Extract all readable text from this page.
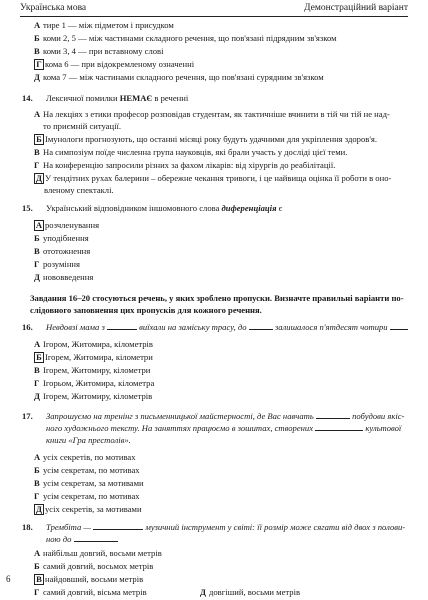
Українська мова	Демонстраційний варіант
А тире 1 — між підметом і присудком
Б коми 2, 5 — між частинами складного речення, що пов'язані підрядним зв'язком
В коми 3, 4 — при вставному слові
Г кома 6 — при відокремленому означенні
Д кома 7 — між частинами складного речення, що пов'язані сурядним зв'язком
14. Лексичної помилки НЕМАЄ в реченні
А На лекціях з етики професор розповідав студентам, як тактичніше вчинити в тій чи тій не над-
то приємній ситуації.
Б Імунологи прогнозують, що останні місяці року будуть удачними для укріплення здоров'я.
В На симпозіум поїде численна група науковців, які брали участь у досліді цієї теми.
Г На конференцію запросили різних за фахом лікарів: від хірургів до реабілітації.
Д У тендітних рухах балерини – обережне чекання тривоги, і це найвища оцінка її роботи в оно-
вленому спектаклі.
15. Український відповідником іншомовного слова диференціація є
А розчленування
Б уподібнення
В ототожнення
Г розуміння
Д нововведення
Завдання 16–20 стосуються речень, у яких зроблено пропуски. Визначте правильні варіанти по-
слідовного заповнення цих пропусків для кожного речення.
16. Невдовзі мама з	виїхали на заміську трасу, до	залишалося п'ятдесят чотири
А Ігором, Житомира, кілометрів
Б Ігорем, Житомира, кілометри
В Ігорем, Житомиру, кілометри
Г Ігорьом, Житомира, кілометра
Д Ігорем, Житомиру, кілометрів
17. Запрошуємо на тренінг з письменницької майстерності, де Вас навчать	побудови якіс-
ного художнього тексту. На заняттях працюємо в зошитах, створених	культової
книги «Гра престолів».
А усіх секретів, по мотивах
Б усім секретам, по мотивах
В усім секретам, за мотивами
Г усім секретам, по мотивах
Д усіх секретів, за мотивами
18. Трембіта —	музичний інструмент у світі: її розмір може сягати від двох з полови-
ною до
А найбільш довгий, восьми метрів
Б самий довгий, восьмох метрів
В найдовший, восьми метрів
Г самий довгий, вісьма метрів	Д довгіший, восьми метрів
6
